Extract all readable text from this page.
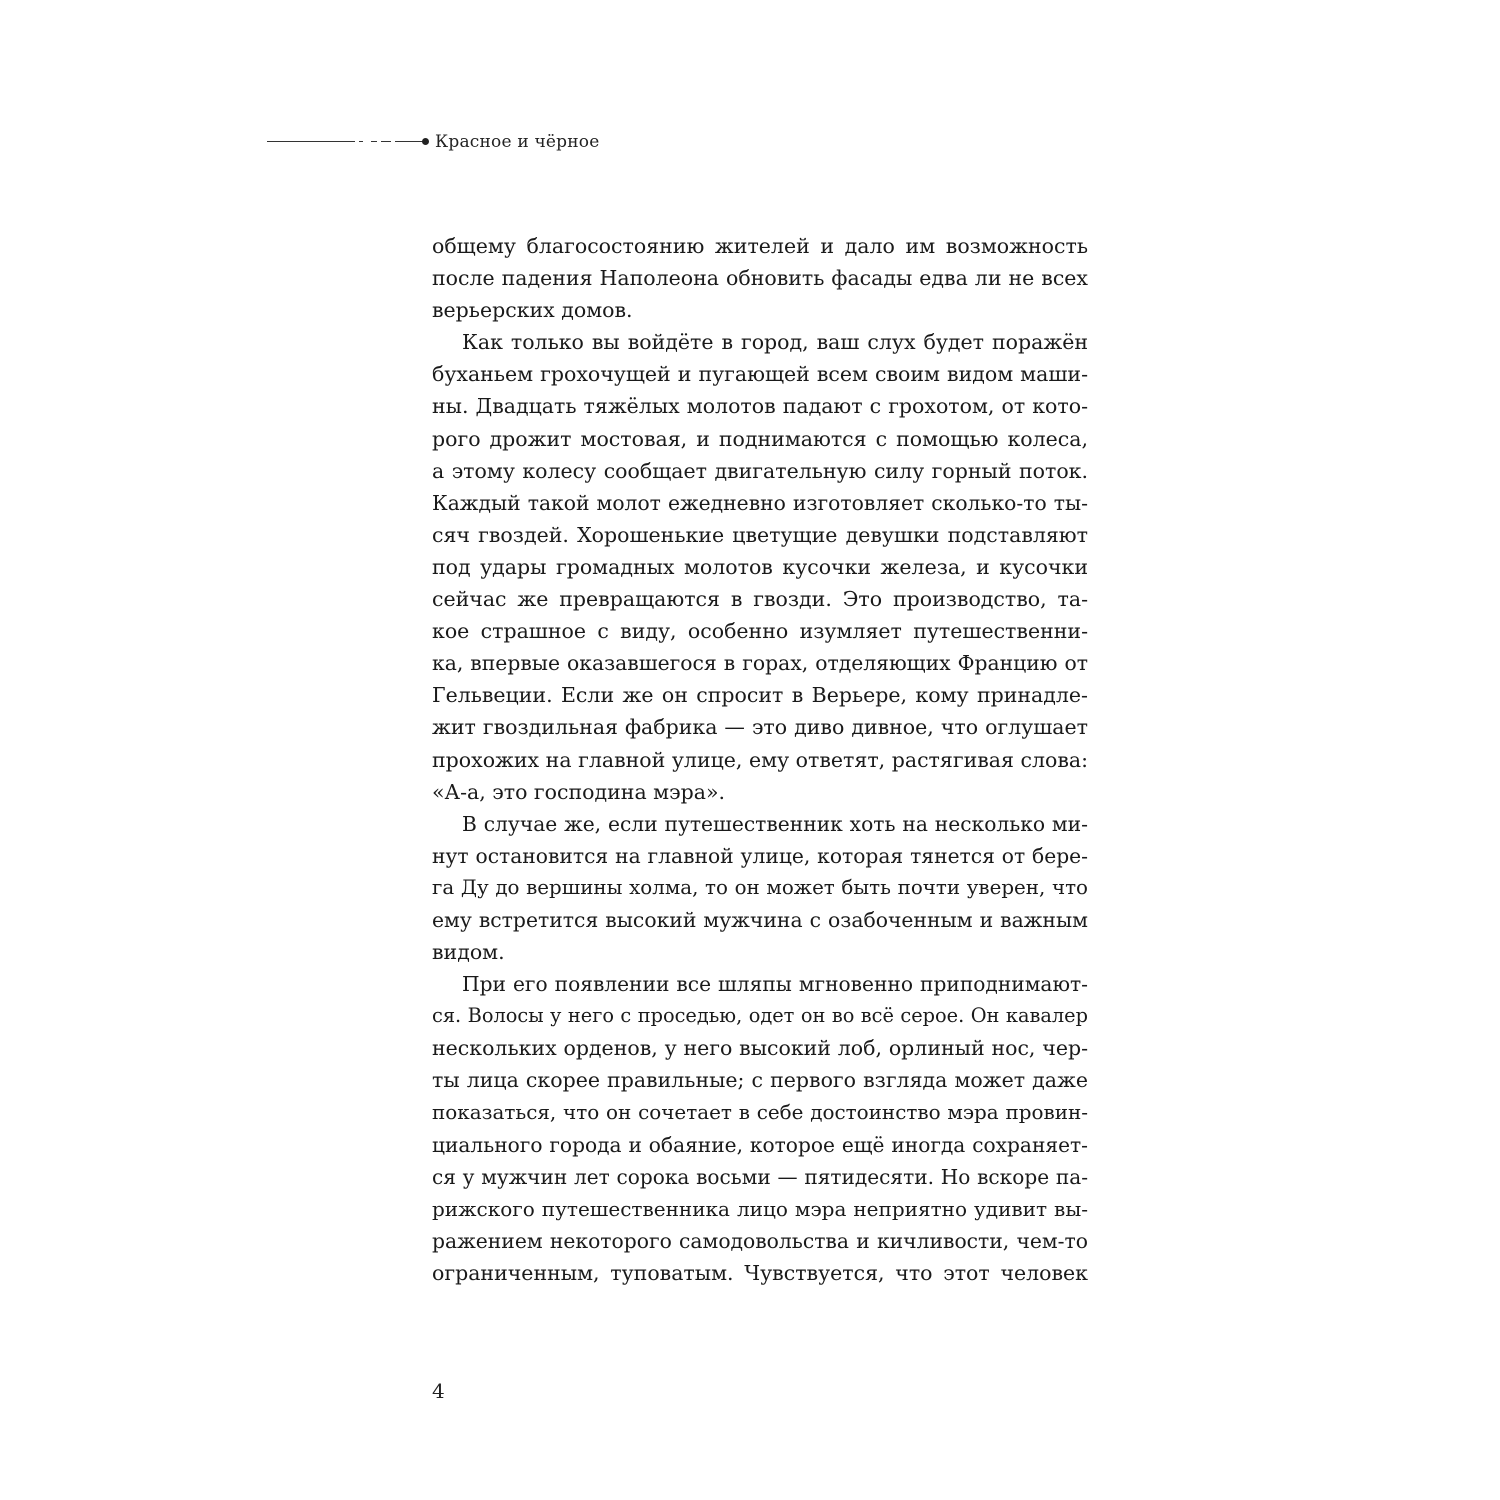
Красное и чёрное
общему благосостоянию жителей и дало им возможность
после падения Наполеона обновить фасады едва ли не всех
верьерских домов.
Как только вы войдёте в город, ваш слух будет поражён
буханьем грохочущей и пугающей всем своим видом маши-
ны. Двадцать тяжёлых молотов падают с грохотом, от кото-
рого дрожит мостовая, и поднимаются с помощью колеса,
а этому колесу сообщает двигательную силу горный поток.
Каждый такой молот ежедневно изготовляет сколько-то ты-
сяч гвоздей. Хорошенькие цветущие девушки подставляют
под удары громадных молотов кусочки железа, и кусочки
сейчас же превращаются в гвозди. Это производство, та-
кое страшное с виду, особенно изумляет путешественни-
ка, впервые оказавшегося в горах, отделяющих Францию от
Гельвеции. Если же он спросит в Верьере, кому принадле-
жит гвоздильная фабрика — это диво дивное, что оглушает
прохожих на главной улице, ему ответят, растягивая слова:
«А-а, это господина мэра».
В случае же, если путешественник хоть на несколько ми-
нут остановится на главной улице, которая тянется от бере-
га Ду до вершины холма, то он может быть почти уверен, что
ему встретится высокий мужчина с озабоченным и важным
видом.
При его появлении все шляпы мгновенно приподнимают-
ся. Волосы у него с проседью, одет он во всё серое. Он кавалер
нескольких орденов, у него высокий лоб, орлиный нос, чер-
ты лица скорее правильные; с первого взгляда может даже
показаться, что он сочетает в себе достоинство мэра провин-
циального города и обаяние, которое ещё иногда сохраняет-
ся у мужчин лет сорока восьми — пятидесяти. Но вскоре па-
рижского путешественника лицо мэра неприятно удивит вы-
ражением некоторого самодовольства и кичливости, чем-то
ограниченным, туповатым. Чувствуется, что этот человек
4
